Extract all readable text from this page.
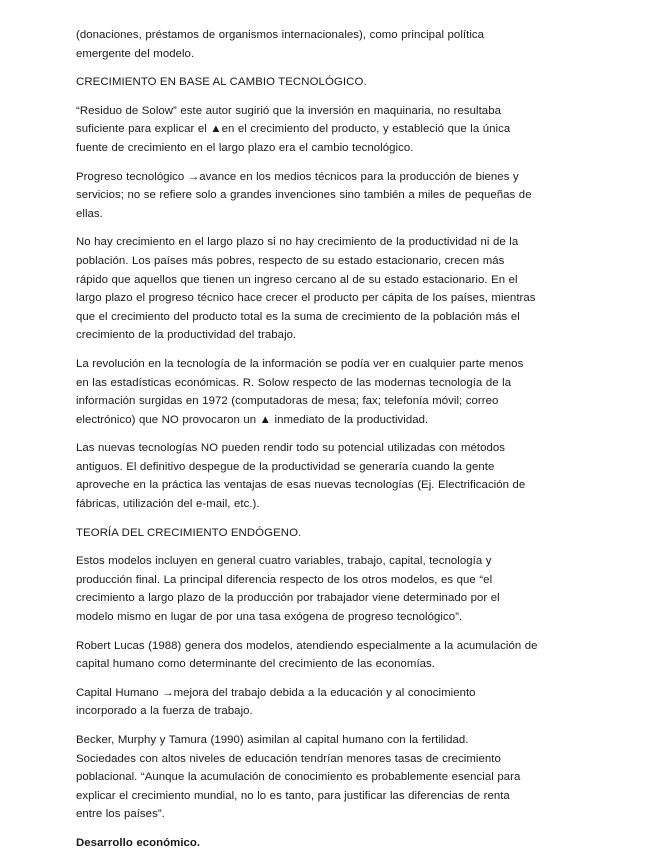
(donaciones, préstamos de organismos internacionales), como principal política
emergente del modelo.

CRECIMIENTO EN BASE AL CAMBIO TECNOLÓGICO.

“Residuo de Solow” este autor sugirió que la inversión en maquinaria, no resultaba
suficiente para explicar el ▲en el crecimiento del producto, y estableció que la única
fuente de crecimiento en el largo plazo era el cambio tecnológico.

Progreso tecnológico →avance en los medios técnicos para la producción de bienes y
servicios; no se refiere solo a grandes invenciones sino también a miles de pequeñas de
ellas.

No hay crecimiento en el largo plazo si no hay crecimiento de la productividad ni de la
población. Los países más pobres, respecto de su estado estacionario, crecen más
rápido que aquellos que tienen un ingreso cercano al de su estado estacionario. En el
largo plazo el progreso técnico hace crecer el producto per cápita de los países, mientras
que el crecimiento del producto total es la suma de crecimiento de la población más el
crecimiento de la productividad del trabajo.

La revolución en la tecnología de la información se podía ver en cualquier parte menos
en las estadísticas económicas. R. Solow respecto de las modernas tecnología de la
información surgidas en 1972 (computadoras de mesa; fax; telefonía móvil; correo
electrónico) que NO provocaron un ▲ inmediato de la productividad.

Las nuevas tecnologías NO pueden rendir todo su potencial utilizadas con métodos
antiguos. El definitivo despegue de la productividad se generaría cuando la gente
aproveche en la práctica las ventajas de esas nuevas tecnologías (Ej. Electrificación de
fábricas, utilización del e-mail, etc.).

TEORÍA DEL CRECIMIENTO ENDÓGENO.

Estos modelos incluyen en general cuatro variables, trabajo, capital, tecnología y
producción final. La principal diferencia respecto de los otros modelos, es que “el
crecimiento a largo plazo de la producción por trabajador viene determinado por el
modelo mismo en lugar de por una tasa exógena de progreso tecnológico”.

Robert Lucas (1988) genera dos modelos, atendiendo especialmente a la acumulación de
capital humano como determinante del crecimiento de las economías.

Capital Humano →mejora del trabajo debida a la educación y al conocimiento
incorporado a la fuerza de trabajo.

Becker, Murphy y Tamura (1990) asimilan al capital humano con la fertilidad.
Sociedades con altos niveles de educación tendrían menores tasas de crecimiento
poblacional. “Aunque la acumulación de conocimiento es probablemente esencial para
explicar el crecimiento mundial, no lo es tanto, para justificar las diferencias de renta
entre los países”.

Desarrollo económico.
